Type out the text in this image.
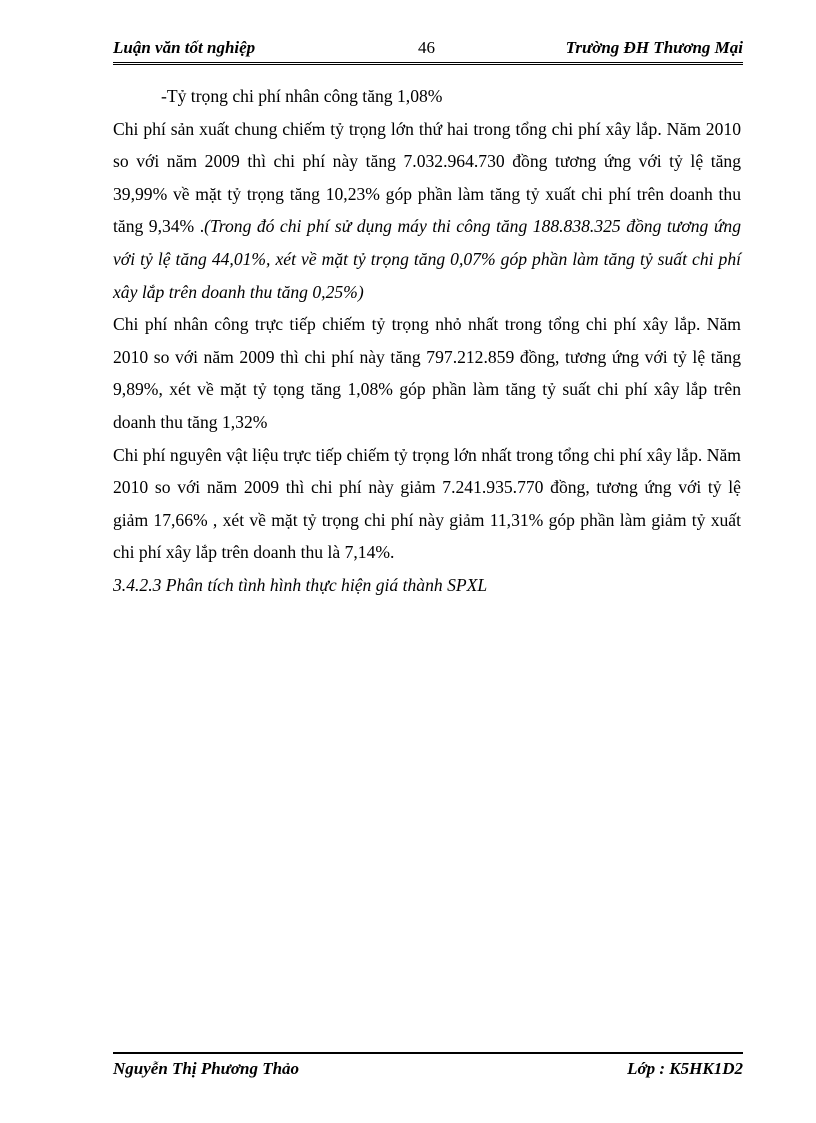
Luận văn tốt nghiệp	46	Trường ĐH Thương Mại

-Tỷ trọng chi phí nhân công tăng 1,08%

Chi phí sản xuất chung chiếm tỷ trọng lớn thứ hai trong tổng chi phí xây lắp. Năm 2010 so với năm 2009 thì chi phí này tăng 7.032.964.730 đồng tương ứng với tỷ lệ tăng 39,99% về mặt tỷ trọng tăng 10,23% góp phần làm tăng tỷ xuất chi phí trên doanh thu tăng 9,34% .(Trong đó chi phí sử dụng máy thi công tăng 188.838.325 đồng tương ứng với tỷ lệ tăng 44,01%, xét về mặt tỷ trọng tăng 0,07% góp phần làm tăng tỷ suất chi phí xây lắp trên doanh thu tăng 0,25%)

Chi phí nhân công trực tiếp chiếm tỷ trọng nhỏ nhất trong tổng chi phí xây lắp. Năm 2010 so với năm 2009 thì chi phí này tăng 797.212.859 đồng, tương ứng với tỷ lệ tăng 9,89%, xét về mặt tỷ tọng tăng 1,08% góp phần làm tăng tỷ suất chi phí xây lắp trên doanh thu tăng 1,32%

Chi phí nguyên vật liệu trực tiếp chiếm tỷ trọng lớn nhất trong tổng chi phí xây lắp. Năm 2010 so với năm 2009 thì chi phí này giảm 7.241.935.770 đồng, tương ứng với tỷ lệ giảm 17,66% , xét về mặt tỷ trọng chi phí này giảm 11,31% góp phần làm giảm tỷ xuất chi phí xây lắp trên doanh thu là 7,14%.

3.4.2.3 Phân tích tình hình thực hiện giá thành SPXL

Nguyễn Thị Phương Thảo	Lớp : K5HK1D2
